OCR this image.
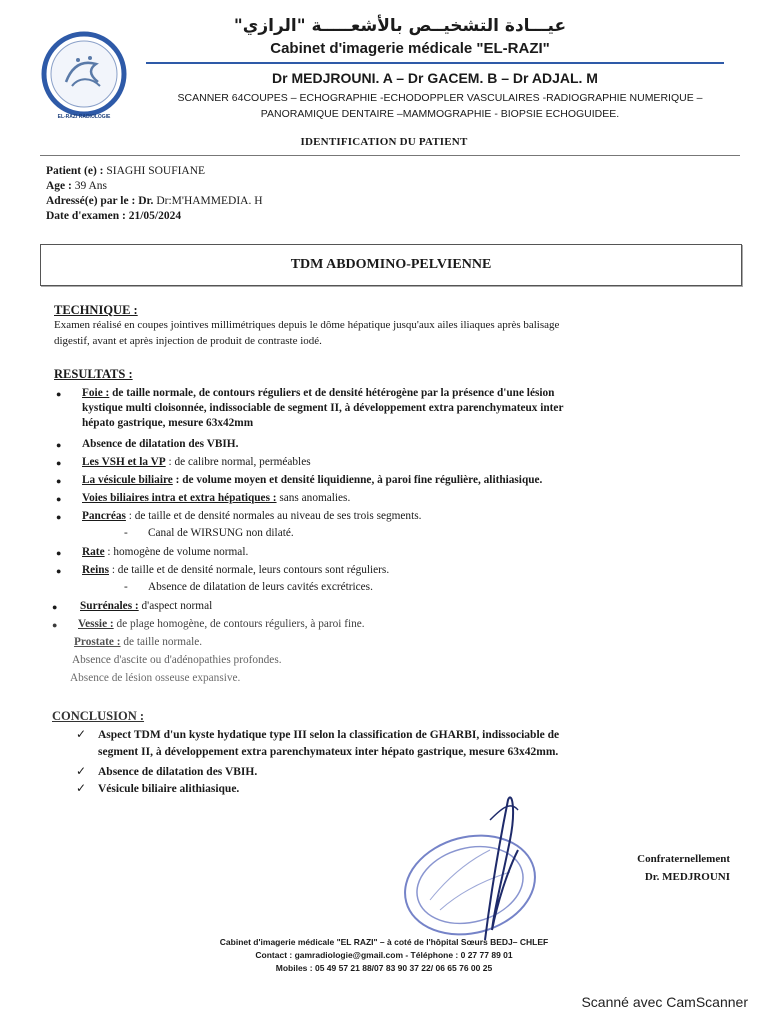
EL-RAZI RADIOLOGIE
عيـــادة التشخيــص بالأشعـــــة "الرازي"
Cabinet d'imagerie médicale "EL-RAZI"
Dr MEDJROUNI. A – Dr GACEM. B – Dr ADJAL. M
SCANNER 64COUPES – ECHOGRAPHIE -ECHODOPPLER VASCULAIRES -RADIOGRAPHIE NUMERIQUE –
PANORAMIQUE DENTAIRE –MAMMOGRAPHIE - BIOPSIE ECHOGUIDEE.
IDENTIFICATION DU PATIENT
Patient (e) : SIAGHI SOUFIANE
Age : 39 Ans
Adressé(e) par le : Dr. Dr:M'HAMMEDIA. H
Date d'examen : 21/05/2024
TDM ABDOMINO-PELVIENNE
TECHNIQUE :
Examen réalisé en coupes jointives millimétriques depuis le dôme hépatique jusqu'aux ailes iliaques après balisage
digestif, avant et après injection de produit de contraste iodé.
RESULTATS :
● Foie : de taille normale, de contours réguliers et de densité hétérogène par la présence d'une lésion
kystique multi cloisonnée, indissociable de segment II, à développement extra parenchymateux inter
hépato gastrique, mesure 63x42mm
● Absence de dilatation des VBIH.
● Les VSH et la VP : de calibre normal, perméables
● La vésicule biliaire : de volume moyen et densité liquidienne, à paroi fine régulière, alithiasique.
● Voies biliaires intra et extra hépatiques : sans anomalies.
● Pancréas : de taille et de densité normales au niveau de ses trois segments.
- Canal de WIRSUNG non dilaté.
● Rate : homogène de volume normal.
● Reins : de taille et de densité normale, leurs contours sont réguliers.
- Absence de dilatation de leurs cavités excrétrices.
● Surrénales : d'aspect normal
● Vessie : de plage homogène, de contours réguliers, à paroi fine.
Prostate : de taille normale.
Absence d'ascite ou d'adénopathies profondes.
Absence de lésion osseuse expansive.
CONCLUSION :
✓ Aspect TDM d'un kyste hydatique type III selon la classification de GHARBI, indissociable de
segment II, à développement extra parenchymateux inter hépato gastrique, mesure 63x42mm.
✓ Absence de dilatation des VBIH.
✓ Vésicule biliaire alithiasique.
Confraternellement
Dr. MEDJROUNI
Cabinet d'imagerie médicale "EL RAZI" – à coté de l'hôpital Sœurs BEDJ– CHLEF
Contact : gamradiologie@gmail.com - Téléphone : 0 27 77 89 01
Mobiles : 05 49 57 21 88/07 83 90 37 22/ 06 65 76 00 25
Scanné avec CamScanner
